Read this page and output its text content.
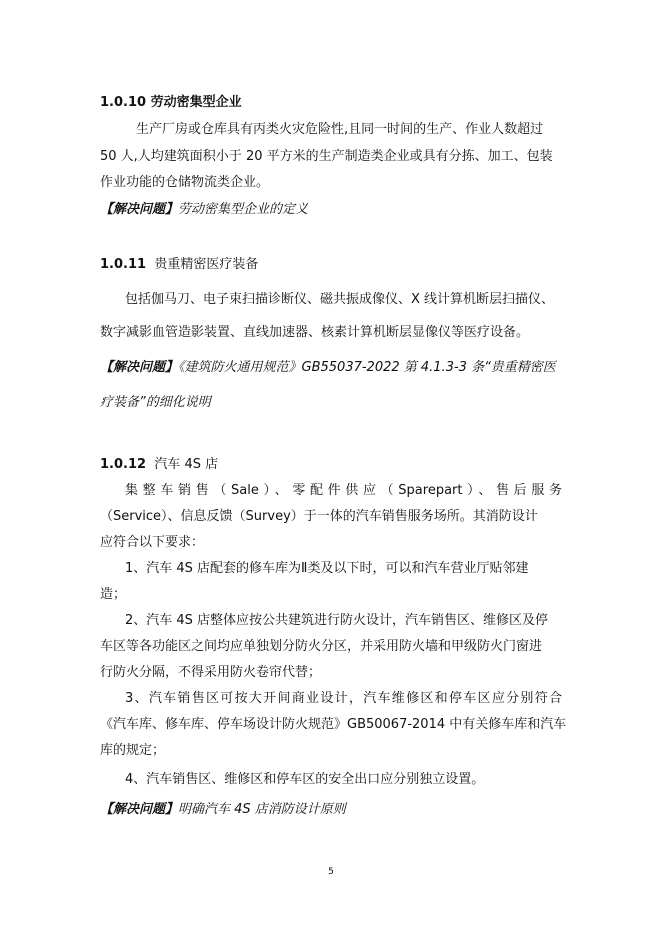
1.0.10 劳动密集型企业
生产厂房或仓库具有丙类火灾危险性,且同一时间的生产、作业人数超过
50 人,人均建筑面积小于 20 平方米的生产制造类企业或具有分拣、加工、包装
作业功能的仓储物流类企业。
【解决问题】劳动密集型企业的定义
1.0.11 贵重精密医疗装备
包括伽马刀、电子束扫描诊断仪、磁共振成像仪、X 线计算机断层扫描仪、
数字减影血管造影装置、直线加速器、核素计算机断层显像仪等医疗设备。
【解决问题】《建筑防火通用规范》GB55037-2022 第 4.1.3-3 条“贵重精密医
疗装备”的细化说明
1.0.12 汽车 4S 店
集整车销售（Sale）、零配件供应（Sparepart）、售后服务
（Service）、信息反馈（Survey）于一体的汽车销售服务场所。其消防设计
应符合以下要求：
1、汽车 4S 店配套的修车库为Ⅱ类及以下时，可以和汽车营业厅贴邻建
造；
2、汽车 4S 店整体应按公共建筑进行防火设计，汽车销售区、维修区及停
车区等各功能区之间均应单独划分防火分区，并采用防火墙和甲级防火门窗进
行防火分隔，不得采用防火卷帘代替；
3、汽车销售区可按大开间商业设计，汽车维修区和停车区应分别符合
《汽车库、修车库、停车场设计防火规范》GB50067-2014 中有关修车库和汽车
库的规定；
4、汽车销售区、维修区和停车区的安全出口应分别独立设置。
【解决问题】明确汽车 4S 店消防设计原则
5
